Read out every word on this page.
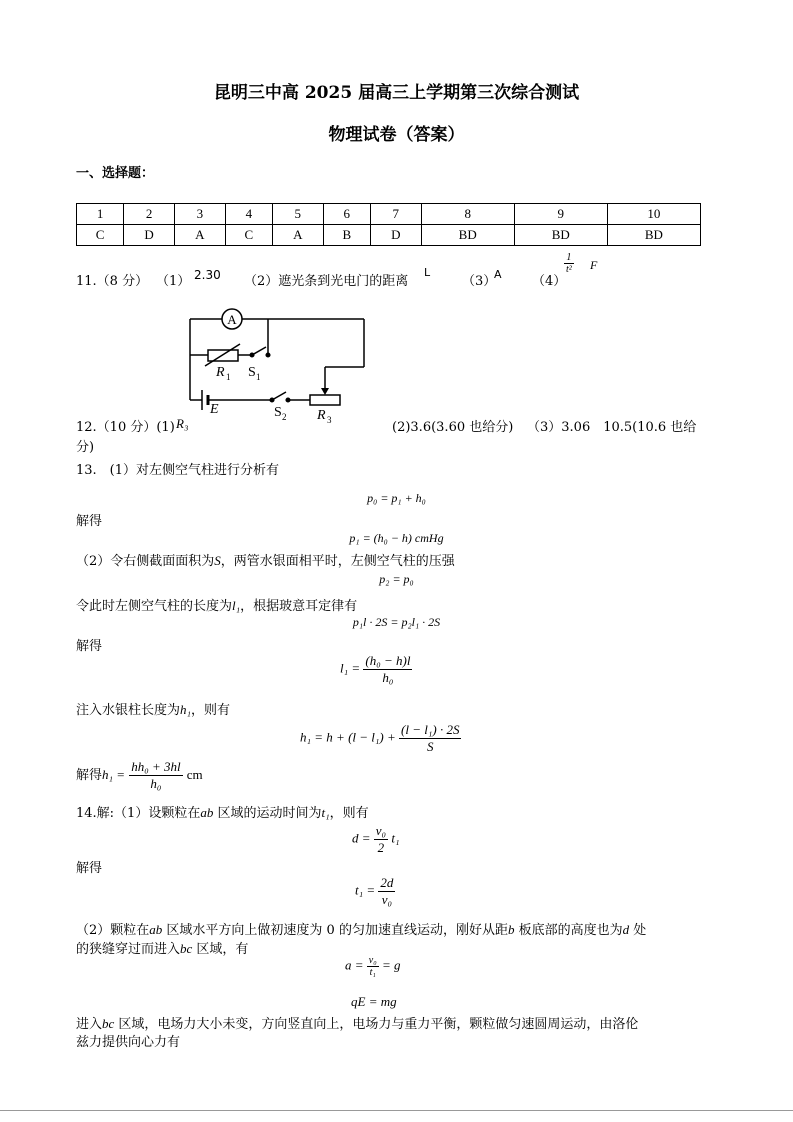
昆明三中高 2025 届高三上学期第三次综合测试
物理试卷（答案）
一、选择题：
1	2	3	4	5	6	7	8	9	10
C	D	A	C	A	B	D	BD	BD	BD
11.（8 分） （1） 2.30 （2）遮光条到光电门的距离
L
（3）
A （4）
$\frac{1}{\text{t²}}$ F
A
R 1 S 1
E	S 2 R 3
12.（10 分）(1) R₃	(2)3.6(3.60 也给分) （3）3.06　10.5(10.6 也给
分)
13.　(1）对左侧空气柱进行分析有
p₀ = p₁ + h₀
解得
p₁ = (h₀ − h) cmHg
（2）令右侧截面面积为S，两管水银面相平时，左侧空气柱的压强
p₂ = p₀
令此时左侧空气柱的长度为l₁，根据玻意耳定律有
p₁l · 2S = p₂l₁ · 2S
解得
$l_1 = \frac{\text{(h₀ − h)l}}{\text{h₀}}$
注入水银柱长度为h₁，则有
$h_1 = h + (l - l_1) + \frac{\text{(l − l₁) · 2S}}{S}$
解得$h_1 = \frac{\text{hh₀ + 3hl}}{\text{h₀}}$ cm
14.解:（1）设颗粒在ab 区域的运动时间为t₁，则有
$d = \frac{\text{v₀}}{2} t_1$
解得
$t_1 = \frac{2d}{\text{v₀}}$
（2）颗粒在ab 区域水平方向上做初速度为 0 的匀加速直线运动，刚好从距b 板底部的高度也为d 处
的狭缝穿过而进入bc 区域，有
$a = \frac{\text{v₀}}{\text{t₁}} = g$
qE = mg
进入bc 区域，电场力大小未变，方向竖直向上，电场力与重力平衡，颗粒做匀速圆周运动，由洛伦
兹力提供向心力有
